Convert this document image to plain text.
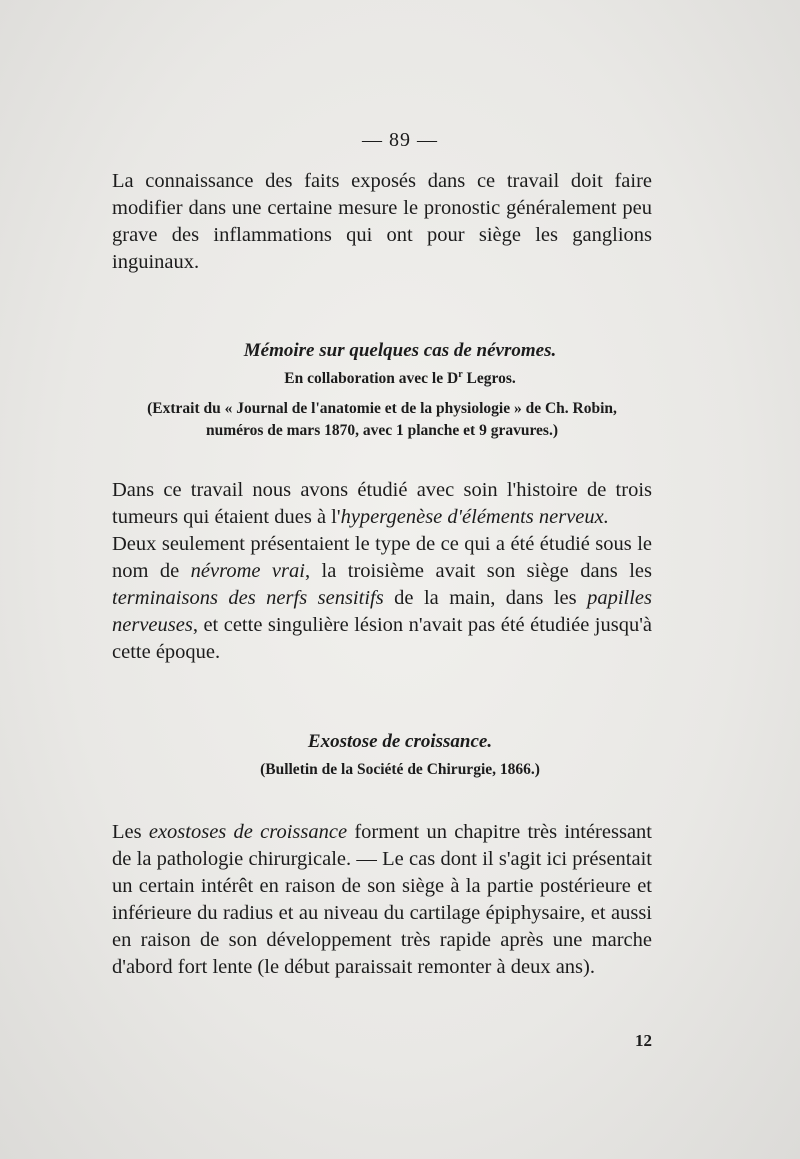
— 89 —

La connaissance des faits exposés dans ce travail doit faire modifier dans une certaine mesure le pronostic généralement peu grave des inflammations qui ont pour siège les ganglions inguinaux.

Mémoire sur quelques cas de névromes.
En collaboration avec le $D^r$ Legros.
(Extrait du « Journal de l'anatomie et de la physiologie » de Ch. Robin,
numéros de mars 1870, avec 1 planche et 9 gravures.)

Dans ce travail nous avons étudié avec soin l'histoire de trois tumeurs qui étaient dues à l'hypergenèse d'éléments nerveux.

Deux seulement présentaient le type de ce qui a été étudié sous le nom de névrome vrai, la troisième avait son siège dans les terminaisons des nerfs sensitifs de la main, dans les papilles nerveuses, et cette singulière lésion n'avait pas été étudiée jusqu'à cette époque.

Exostose de croissance.
(Bulletin de la Société de Chirurgie, 1866.)

Les exostoses de croissance forment un chapitre très intéressant de la pathologie chirurgicale. — Le cas dont il s'agit ici présentait un certain intérêt en raison de son siège à la partie postérieure et inférieure du radius et au niveau du cartilage épiphysaire, et aussi en raison de son développement très rapide après une marche d'abord fort lente (le début paraissait remonter à deux ans).

12
